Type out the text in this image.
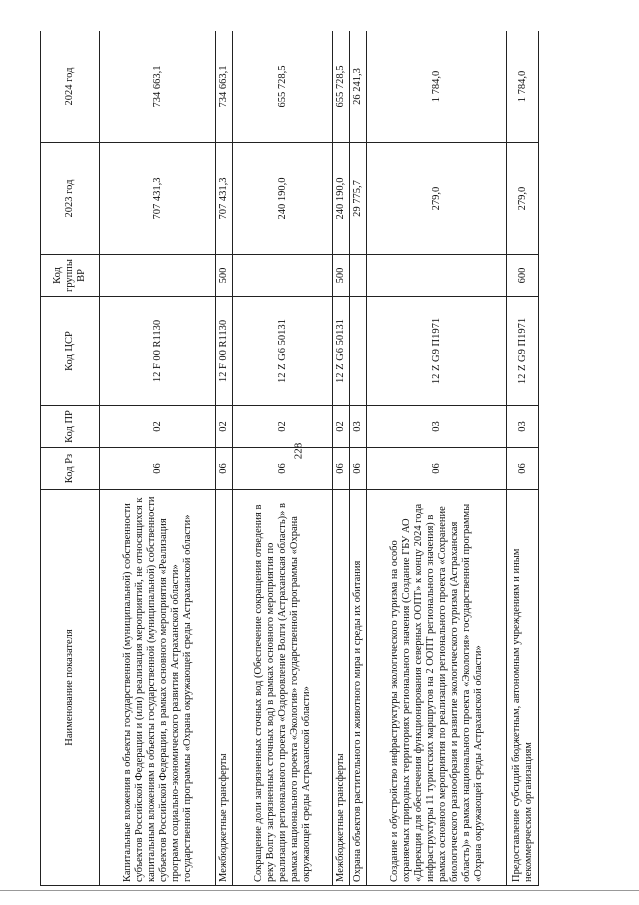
228
Наименование показателя	Код Рз	Код ПР	Код ЦСР	Код группы ВР	2023 год	2024 год
Капитальные вложения в объекты государственной (муниципальной) собственности субъектов Российской Федерации и (или) реализация мероприятий, не относящихся к капитальным вложениям в объекты государственной (муниципальной) собственности субъектов Российской Федерации, в рамках основного мероприятия «Реализация программ социально-экономического развития Астраханской области» государственной программы «Охрана окружающей среды Астраханской области»	06	02	12 F 00 R1130		707 431,3	734 663,1
Межбюджетные трансферты	06	02	12 F 00 R1130	500	707 431,3	734 663,1
Сокращение доли загрязненных сточных вод (Обеспечение сокращения отведения в реку Волгу загрязненных сточных вод) в рамках основного мероприятия по реализации регионального проекта «Оздоровление Волги (Астраханская область)» в рамках национального проекта «Экология» государственной программы «Охрана окружающей среды Астраханской области»	06	02	12 Z G6 50131		240 190,0	655 728,5
Межбюджетные трансферты	06	02	12 Z G6 50131	500	240 190,0	655 728,5
Охрана объектов растительного и животного мира и среды их обитания	06	03			29 775,7	26 241,3
Создание и обустройство инфраструктуры экологического туризма на особо охраняемых природных территориях регионального значения (Создание ГБУ АО «Дирекция для обеспечения функционирования северных ООПТ» к концу 2024 года инфраструктуры 11 туристских маршрутов на 2 ООПТ регионального значения) в рамках основного мероприятия по реализации регионального проекта «Сохранение биологического разнообразия и развитие экологического туризма (Астраханская область)» в рамках национального проекта «Экология» государственной программы «Охрана окружающей среды Астраханской области»	06	03	12 Z G9 П1971		279,0	1 784,0
Предоставление субсидий бюджетным, автономным учреждениям и иным некоммерческим организациям	06	03	12 Z G9 П1971	600	279,0	1 784,0
